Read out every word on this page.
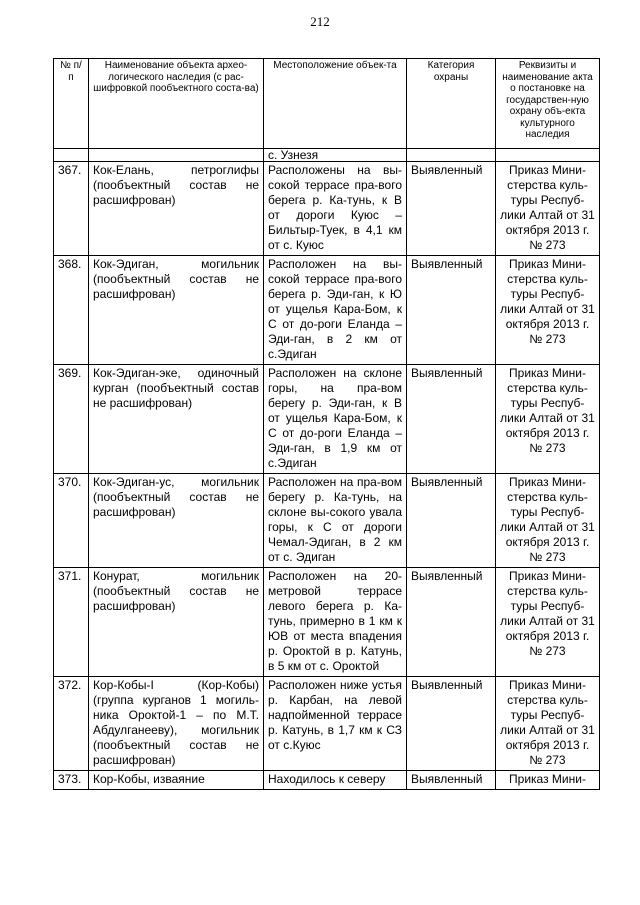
212
№ п/п	Наименование объекта архео-логического наследия (с рас-шифровкой пообъектного соста-ва)	Местоположение объек-та	Категория охраны	Реквизиты и наименование акта о постановке на государствен-ную охрану объ-екта культурного наследия
		с. Узнезя		
367.	Кок-Елань, петроглифы (пообъектный состав не расшифрован)	Расположены на вы-сокой террасе пра-вого берега р. Ка-тунь, к В от дороги Куюс – Бильтыр-Туек, в 4,1 км от с. Куюс	Выявленный	Приказ Мини-стерства куль-туры Респуб-лики Алтай от 31 октября 2013 г. № 273
368.	Кок-Эдиган, могильник (пообъектный состав не расшифрован)	Расположен на вы-сокой террасе пра-вого берега р. Эди-ган, к Ю от ущелья Кара-Бом, к С от до-роги Еланда – Эди-ган, в 2 км от с.Эдиган	Выявленный	Приказ Мини-стерства куль-туры Респуб-лики Алтай от 31 октября 2013 г. № 273
369.	Кок-Эдиган-эке, одиночный курган (пообъектный состав не расшифрован)	Расположен на склоне горы, на пра-вом берегу р. Эди-ган, к В от ущелья Кара-Бом, к С от до-роги Еланда – Эди-ган, в 1,9 км от с.Эдиган	Выявленный	Приказ Мини-стерства куль-туры Респуб-лики Алтай от 31 октября 2013 г. № 273
370.	Кок-Эдиган-ус, могильник (пообъектный состав не расшифрован)	Расположен на пра-вом берегу р. Ка-тунь, на склоне вы-сокого увала горы, к С от дороги Чемал-Эдиган, в 2 км от с. Эдиган	Выявленный	Приказ Мини-стерства куль-туры Респуб-лики Алтай от 31 октября 2013 г. № 273
371.	Конурат, могильник (пообъектный состав не расшифрован)	Расположен на 20-метровой террасе левого берега р. Ка-тунь, примерно в 1 км к ЮВ от места впадения р. Ороктой в р. Катунь, в 5 км от с. Ороктой	Выявленный	Приказ Мини-стерства куль-туры Респуб-лики Алтай от 31 октября 2013 г. № 273
372.	Кор-Кобы-I (Кор-Кобы) (группа курганов 1 могиль-ника Ороктой-1 – по М.Т. Абдулганееву), могильник (пообъектный состав не расшифрован)	Расположен ниже устья р. Карбан, на левой надпойменной террасе р. Катунь, в 1,7 км к СЗ от с.Куюс	Выявленный	Приказ Мини-стерства куль-туры Респуб-лики Алтай от 31 октября 2013 г. № 273
373.	Кор-Кобы, изваяние	Находилось к северу	Выявленный	Приказ Мини-
